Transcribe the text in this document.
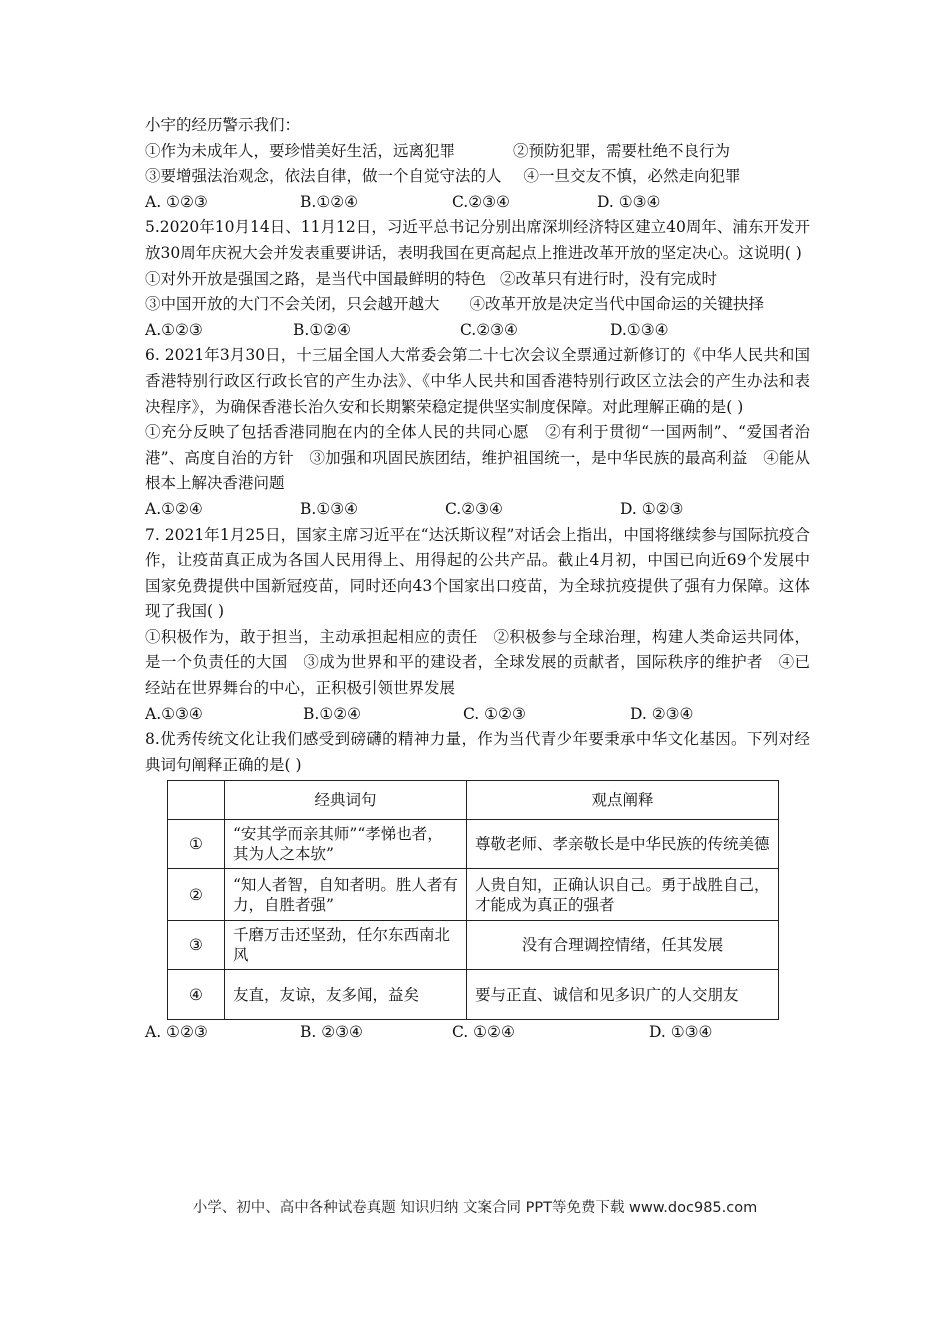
小宇的经历警示我们：
①作为未成年人，要珍惜美好生活，远离犯罪	②预防犯罪，需要杜绝不良行为
③要增强法治观念，依法自律，做一个自觉守法的人 ④一旦交友不慎，必然走向犯罪
A. ①②③	B.①②④	C.②③④	D. ①③④
5.2020年10月14日、11月12日，习近平总书记分别出席深圳经济特区建立40周年、浦东开发开放30周年庆祝大会并发表重要讲话，表明我国在更高起点上推进改革开放的坚定决心。这说明( )
①对外开放是强国之路，是当代中国最鲜明的特色 ②改革只有进行时，没有完成时
③中国开放的大门不会关闭，只会越开越大 ④改革开放是决定当代中国命运的关键抉择
A.①②③	B.①②④	C.②③④	D.①③④
6. 2021年3月30日，十三届全国人大常委会第二十七次会议全票通过新修订的《中华人民共和国香港特别行政区行政长官的产生办法》、《中华人民共和国香港特别行政区立法会的产生办法和表决程序》，为确保香港长治久安和长期繁荣稳定提供坚实制度保障。对此理解正确的是( )
①充分反映了包括香港同胞在内的全体人民的共同心愿　②有利于贯彻“一国两制”、“爱国者治港”、高度自治的方针　③加强和巩固民族团结，维护祖国统一，是中华民族的最高利益　④能从根本上解决香港问题
A.①②④	B.①③④	C.②③④	D. ①②③
7. 2021年1月25日，国家主席习近平在“达沃斯议程”对话会上指出，中国将继续参与国际抗疫合作，让疫苗真正成为各国人民用得上、用得起的公共产品。截止4月初，中国已向近69个发展中国家免费提供中国新冠疫苗，同时还向43个国家出口疫苗，为全球抗疫提供了强有力保障。这体现了我国( )
①积极作为，敢于担当，主动承担起相应的责任　②积极参与全球治理，构建人类命运共同体，是一个负责任的大国　③成为世界和平的建设者，全球发展的贡献者，国际秩序的维护者　④已经站在世界舞台的中心，正积极引领世界发展
A.①③④	B.①②④	C. ①②③	D. ②③④
8.优秀传统文化让我们感受到磅礴的精神力量，作为当代青少年要秉承中华文化基因。下列对经典词句阐释正确的是( )
	经典词句	观点阐释
①	“安其学而亲其师”“孝悌也者，其为人之本欤”	尊敬老师、孝亲敬长是中华民族的传统美德
②	“知人者智，自知者明。胜人者有力，自胜者强”	人贵自知，正确认识自己。勇于战胜自己，才能成为真正的强者
③	千磨万击还坚劲，任尔东西南北风	没有合理调控情绪，任其发展
④	友直，友谅，友多闻，益矣	要与正直、诚信和见多识广的人交朋友
A. ①②③	B. ②③④	C. ①②④	D. ①③④
小学、初中、高中各种试卷真题 知识归纳 文案合同 PPT等免费下载 www.doc985.com
